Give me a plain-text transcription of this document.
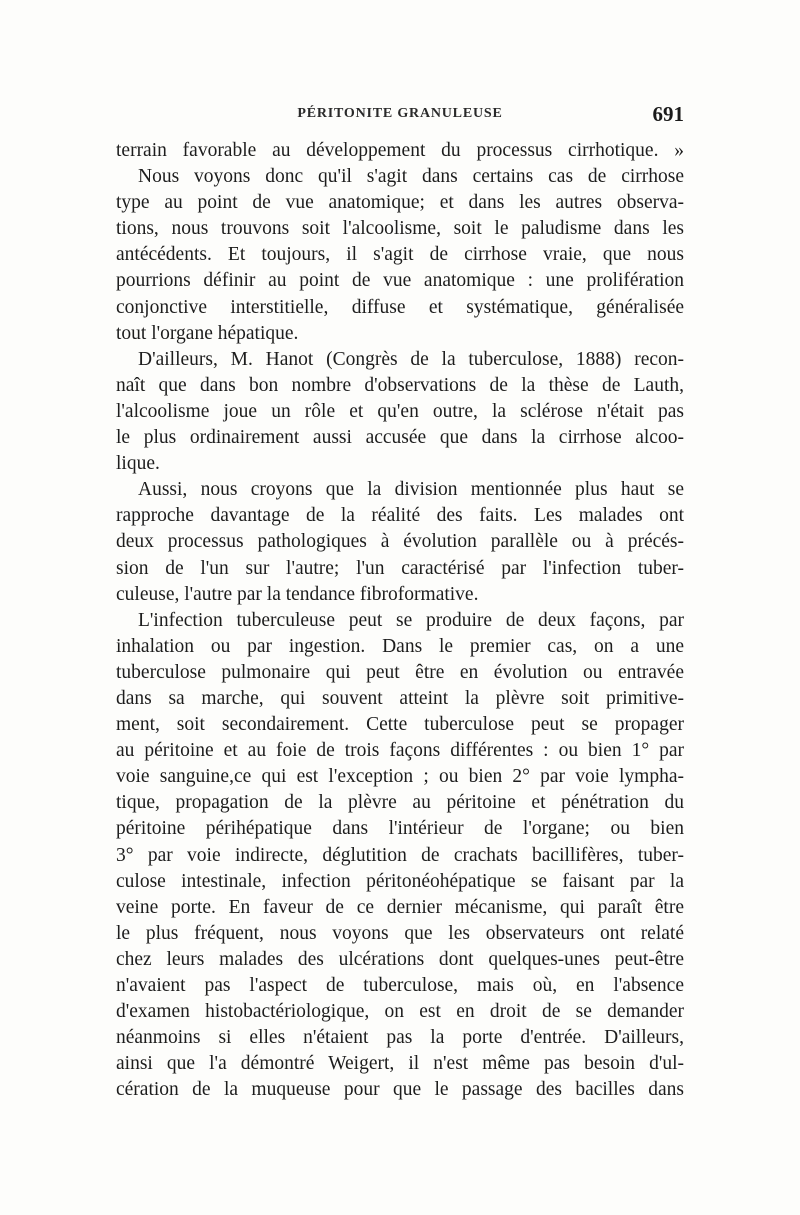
PÉRITONITE GRANULEUSE	691
terrain favorable au développement du processus cirrhotique. »
Nous voyons donc qu'il s'agit dans certains cas de cirrhose
type au point de vue anatomique; et dans les autres observa-
tions, nous trouvons soit l'alcoolisme, soit le paludisme dans les
antécédents. Et toujours, il s'agit de cirrhose vraie, que nous
pourrions définir au point de vue anatomique : une prolifération
conjonctive interstitielle, diffuse et systématique, généralisée
tout l'organe hépatique.
D'ailleurs, M. Hanot (Congrès de la tuberculose, 1888) recon-
naît que dans bon nombre d'observations de la thèse de Lauth,
l'alcoolisme joue un rôle et qu'en outre, la sclérose n'était pas
le plus ordinairement aussi accusée que dans la cirrhose alcoo-
lique.
Aussi, nous croyons que la division mentionnée plus haut se
rapproche davantage de la réalité des faits. Les malades ont
deux processus pathologiques à évolution parallèle ou à précés-
sion de l'un sur l'autre; l'un caractérisé par l'infection tuber-
culeuse, l'autre par la tendance fibroformative.
L'infection tuberculeuse peut se produire de deux façons, par
inhalation ou par ingestion. Dans le premier cas, on a une
tuberculose pulmonaire qui peut être en évolution ou entravée
dans sa marche, qui souvent atteint la plèvre soit primitive-
ment, soit secondairement. Cette tuberculose peut se propager
au péritoine et au foie de trois façons différentes : ou bien 1° par
voie sanguine,ce qui est l'exception ; ou bien 2° par voie lympha-
tique, propagation de la plèvre au péritoine et pénétration du
péritoine périhépatique dans l'intérieur de l'organe; ou bien
3° par voie indirecte, déglutition de crachats bacillifères, tuber-
culose intestinale, infection péritonéohépatique se faisant par la
veine porte. En faveur de ce dernier mécanisme, qui paraît être
le plus fréquent, nous voyons que les observateurs ont relaté
chez leurs malades des ulcérations dont quelques-unes peut-être
n'avaient pas l'aspect de tuberculose, mais où, en l'absence
d'examen histobactériologique, on est en droit de se demander
néanmoins si elles n'étaient pas la porte d'entrée. D'ailleurs,
ainsi que l'a démontré Weigert, il n'est même pas besoin d'ul-
cération de la muqueuse pour que le passage des bacilles dans
